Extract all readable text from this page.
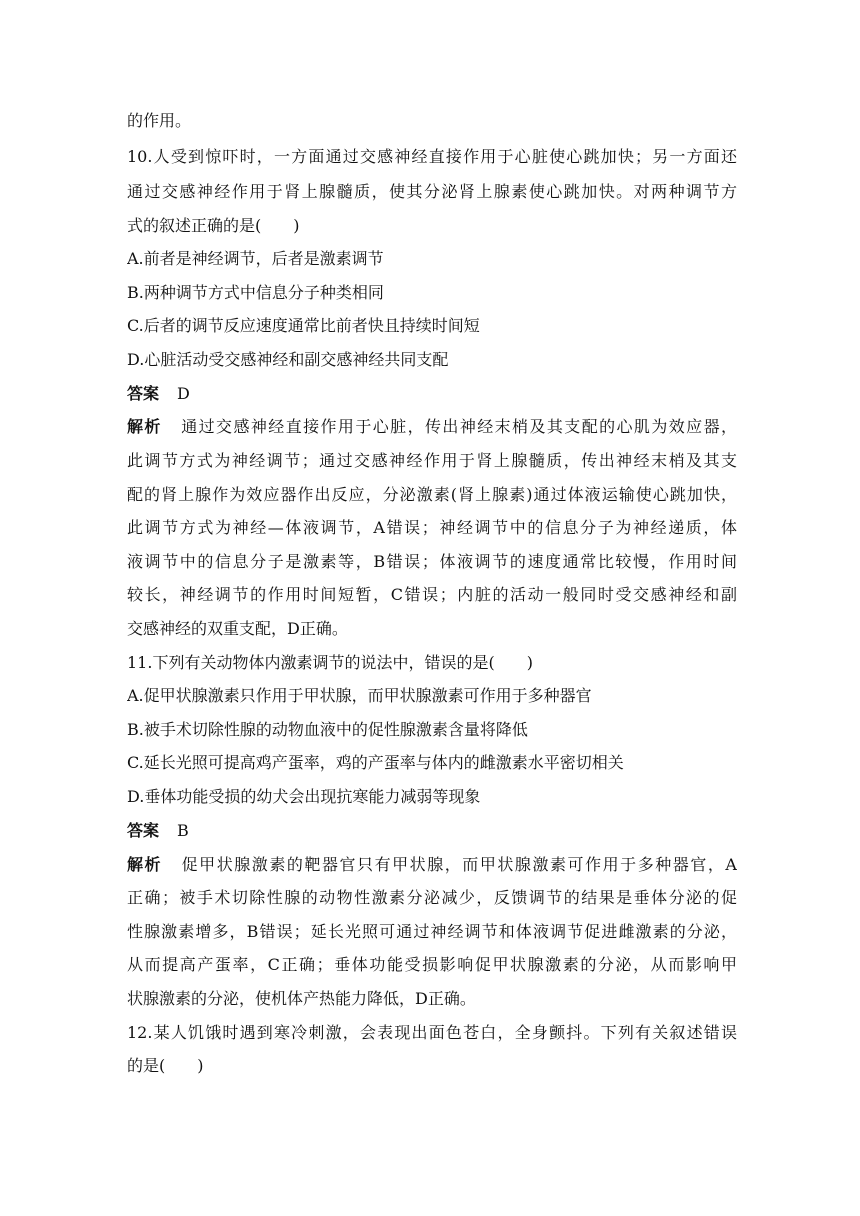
的作用。
10.人受到惊吓时，一方面通过交感神经直接作用于心脏使心跳加快；另一方面还
通过交感神经作用于肾上腺髓质，使其分泌肾上腺素使心跳加快。对两种调节方
式的叙述正确的是(　　)
A.前者是神经调节，后者是激素调节
B.两种调节方式中信息分子种类相同
C.后者的调节反应速度通常比前者快且持续时间短
D.心脏活动受交感神经和副交感神经共同支配
答案 D
解析 通过交感神经直接作用于心脏，传出神经末梢及其支配的心肌为效应器，
此调节方式为神经调节；通过交感神经作用于肾上腺髓质，传出神经末梢及其支
配的肾上腺作为效应器作出反应，分泌激素(肾上腺素)通过体液运输使心跳加快，
此调节方式为神经—体液调节，A错误；神经调节中的信息分子为神经递质，体
液调节中的信息分子是激素等，B错误；体液调节的速度通常比较慢，作用时间
较长，神经调节的作用时间短暂，C错误；内脏的活动一般同时受交感神经和副
交感神经的双重支配，D正确。
11.下列有关动物体内激素调节的说法中，错误的是(　　)
A.促甲状腺激素只作用于甲状腺，而甲状腺激素可作用于多种器官
B.被手术切除性腺的动物血液中的促性腺激素含量将降低
C.延长光照可提高鸡产蛋率，鸡的产蛋率与体内的雌激素水平密切相关
D.垂体功能受损的幼犬会出现抗寒能力减弱等现象
答案 B
解析 促甲状腺激素的靶器官只有甲状腺，而甲状腺激素可作用于多种器官，A
正确；被手术切除性腺的动物性激素分泌减少，反馈调节的结果是垂体分泌的促
性腺激素增多，B错误；延长光照可通过神经调节和体液调节促进雌激素的分泌，
从而提高产蛋率，C正确；垂体功能受损影响促甲状腺激素的分泌，从而影响甲
状腺激素的分泌，使机体产热能力降低，D正确。
12.某人饥饿时遇到寒冷刺激，会表现出面色苍白，全身颤抖。下列有关叙述错误
的是(　　)
